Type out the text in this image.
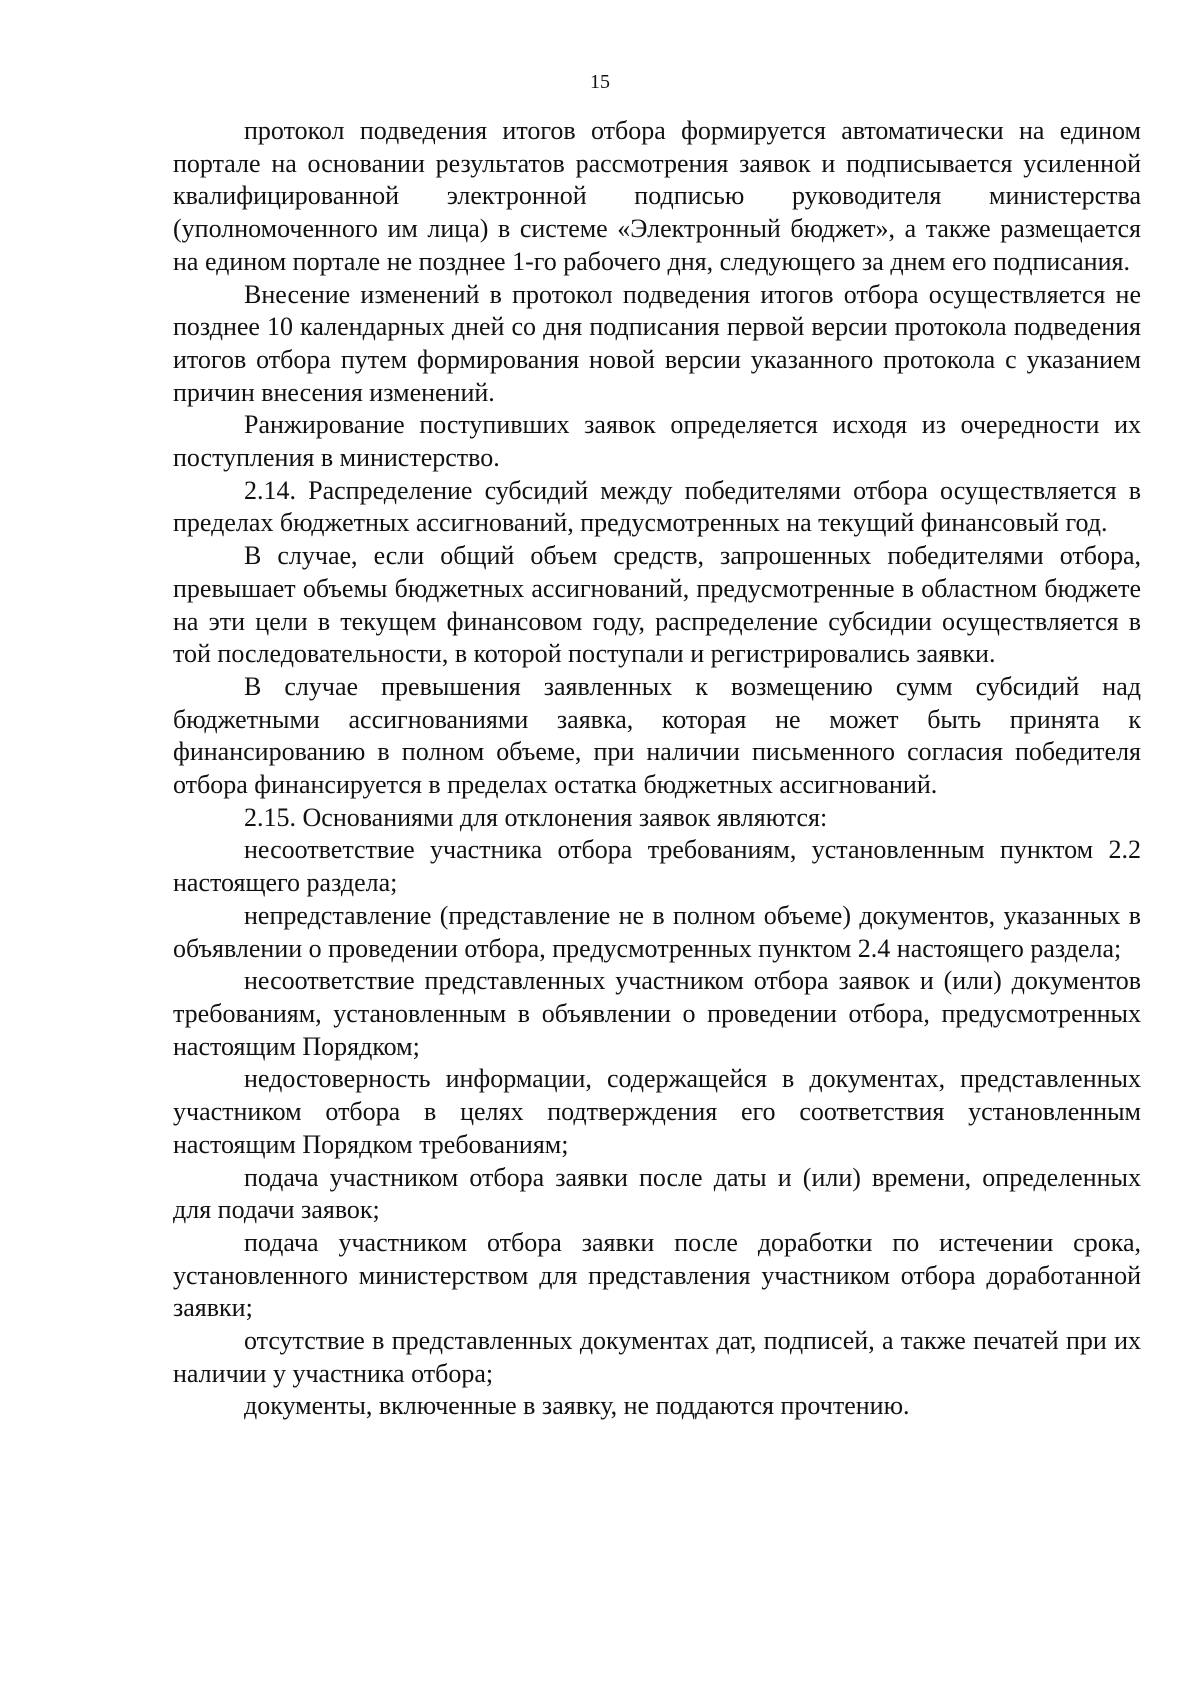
15

протокол подведения итогов отбора формируется автоматически на едином портале на основании результатов рассмотрения заявок и подписывается усиленной квалифицированной электронной подписью руководителя министерства (уполномоченного им лица) в системе «Электронный бюджет», а также размещается на едином портале не позднее 1-го рабочего дня, следующего за днем его подписания.

Внесение изменений в протокол подведения итогов отбора осуществляется не позднее 10 календарных дней со дня подписания первой версии протокола подведения итогов отбора путем формирования новой версии указанного протокола с указанием причин внесения изменений.

Ранжирование поступивших заявок определяется исходя из очередности их поступления в министерство.

2.14. Распределение субсидий между победителями отбора осуществляется в пределах бюджетных ассигнований, предусмотренных на текущий финансовый год.

В случае, если общий объем средств, запрошенных победителями отбора, превышает объемы бюджетных ассигнований, предусмотренные в областном бюджете на эти цели в текущем финансовом году, распределение субсидии осуществляется в той последовательности, в которой поступали и регистрировались заявки.

В случае превышения заявленных к возмещению сумм субсидий над бюджетными ассигнованиями заявка, которая не может быть принята к финансированию в полном объеме, при наличии письменного согласия победителя отбора финансируется в пределах остатка бюджетных ассигнований.

2.15. Основаниями для отклонения заявок являются:

несоответствие участника отбора требованиям, установленным пунктом 2.2 настоящего раздела;

непредставление (представление не в полном объеме) документов, указанных в объявлении о проведении отбора, предусмотренных пунктом 2.4 настоящего раздела;

несоответствие представленных участником отбора заявок и (или) документов требованиям, установленным в объявлении о проведении отбора, предусмотренных настоящим Порядком;

недостоверность информации, содержащейся в документах, представленных участником отбора в целях подтверждения его соответствия установленным настоящим Порядком требованиям;

подача участником отбора заявки после даты и (или) времени, определенных для подачи заявок;

подача участником отбора заявки после доработки по истечении срока, установленного министерством для представления участником отбора доработанной заявки;

отсутствие в представленных документах дат, подписей, а также печатей при их наличии у участника отбора;

документы, включенные в заявку, не поддаются прочтению.
